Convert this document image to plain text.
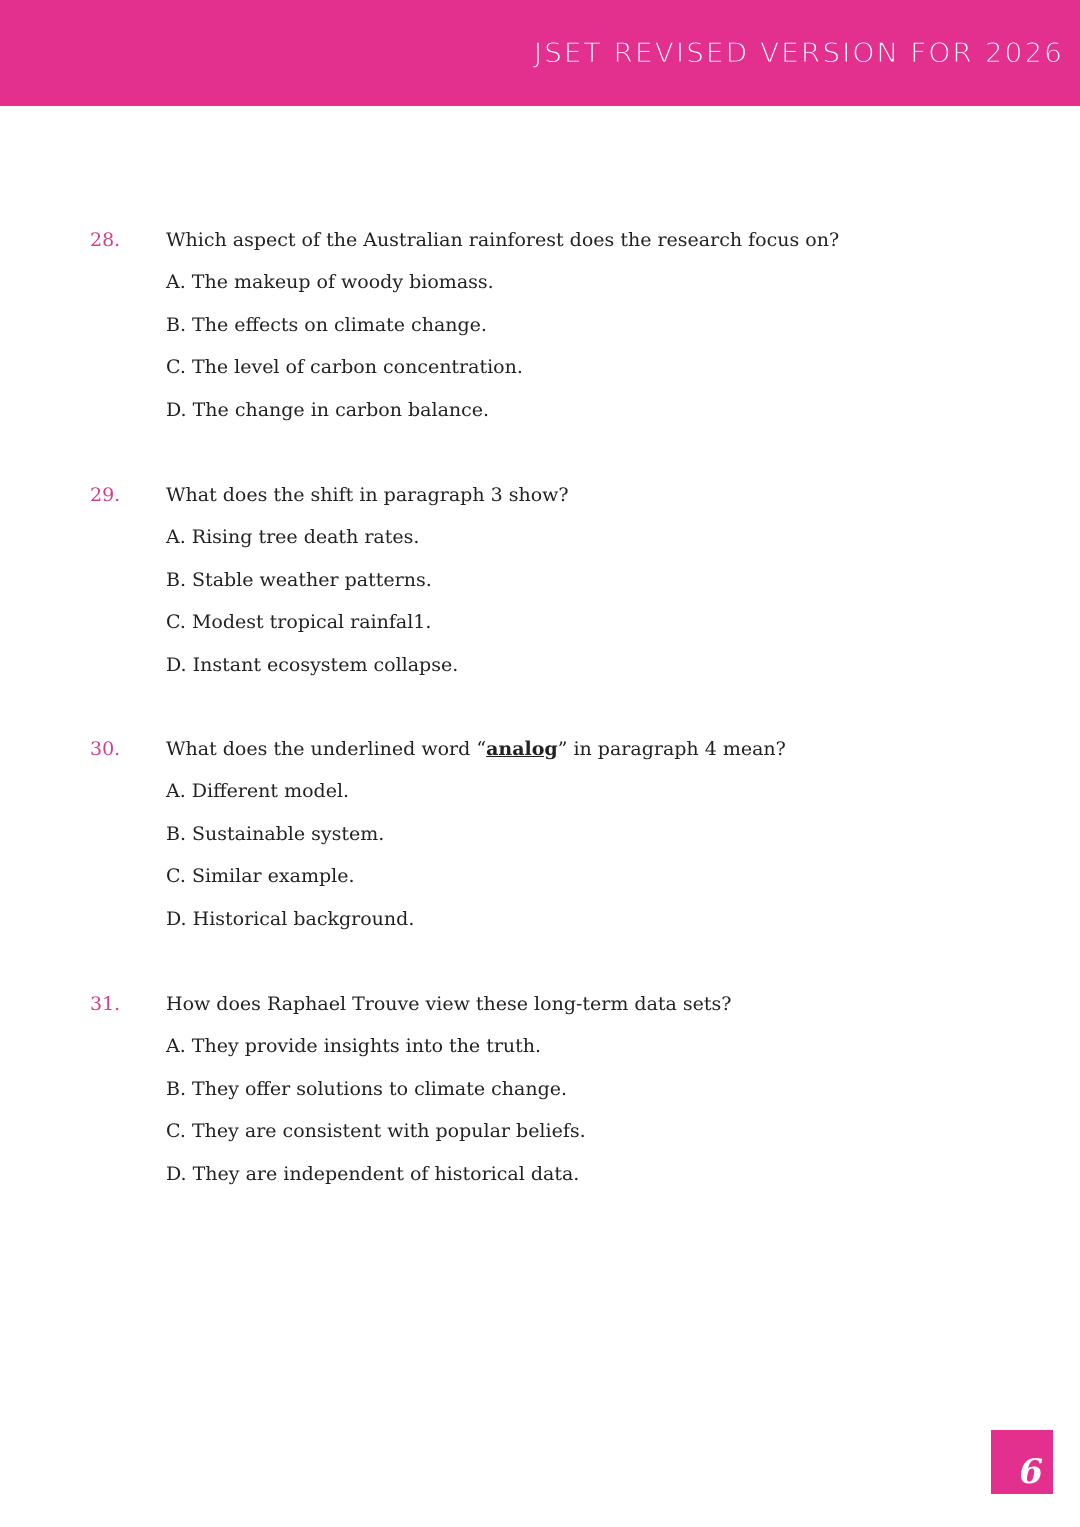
JSET REVISED VERSION FOR 2026
28. Which aspect of the Australian rainforest does the research focus on?
A. The makeup of woody biomass.
B. The effects on climate change.
C. The level of carbon concentration.
D. The change in carbon balance.
29. What does the shift in paragraph 3 show?
A. Rising tree death rates.
B. Stable weather patterns.
C. Modest tropical rainfal1.
D. Instant ecosystem collapse.
30. What does the underlined word “analog” in paragraph 4 mean?
A. Different model.
B. Sustainable system.
C. Similar example.
D. Historical background.
31. How does Raphael Trouve view these long-term data sets?
A. They provide insights into the truth.
B. They offer solutions to climate change.
C. They are consistent with popular beliefs.
D. They are independent of historical data.
6
